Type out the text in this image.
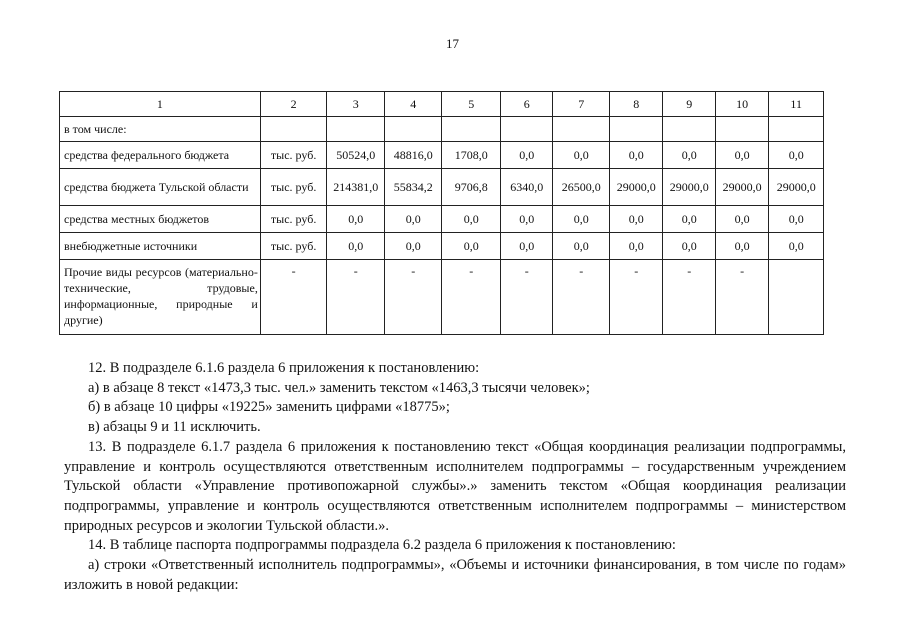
17
1	2	3	4	5	6	7	8	9	10	11
в том числе:										
средства федерального бюджета	тыс. руб.	50524,0	48816,0	1708,0	0,0	0,0	0,0	0,0	0,0	0,0
средства бюджета Тульской области	тыс. руб.	214381,0	55834,2	9706,8	6340,0	26500,0	29000,0	29000,0	29000,0	29000,0
средства местных бюджетов	тыс. руб.	0,0	0,0	0,0	0,0	0,0	0,0	0,0	0,0	0,0
внебюджетные источники	тыс. руб.	0,0	0,0	0,0	0,0	0,0	0,0	0,0	0,0	0,0
Прочие виды ресурсов (материально-технические, трудовые, информационные, природные и другие)	-	-	-	-	-	-	-	-	-	

12. В подразделе 6.1.6 раздела 6 приложения к постановлению:

а) в абзаце 8 текст «1473,3 тыс. чел.» заменить текстом «1463,3 тысячи человек»;

б) в абзаце 10 цифры «19225» заменить цифрами «18775»;

в) абзацы 9 и 11 исключить.

13. В подразделе 6.1.7 раздела 6 приложения к постановлению текст «Общая координация реализации подпрограммы, управление и контроль осуществляются ответственным исполнителем подпрограммы – государственным учреждением Тульской области «Управление противопожарной службы».» заменить текстом «Общая координация реализации подпрограммы, управление и контроль осуществляются ответственным исполнителем подпрограммы – министерством природных ресурсов и экологии Тульской области.».

14. В таблице паспорта подпрограммы подраздела 6.2 раздела 6 приложения к постановлению:

а) строки «Ответственный исполнитель подпрограммы», «Объемы и источники финансирования, в том числе по годам» изложить в новой редакции:
